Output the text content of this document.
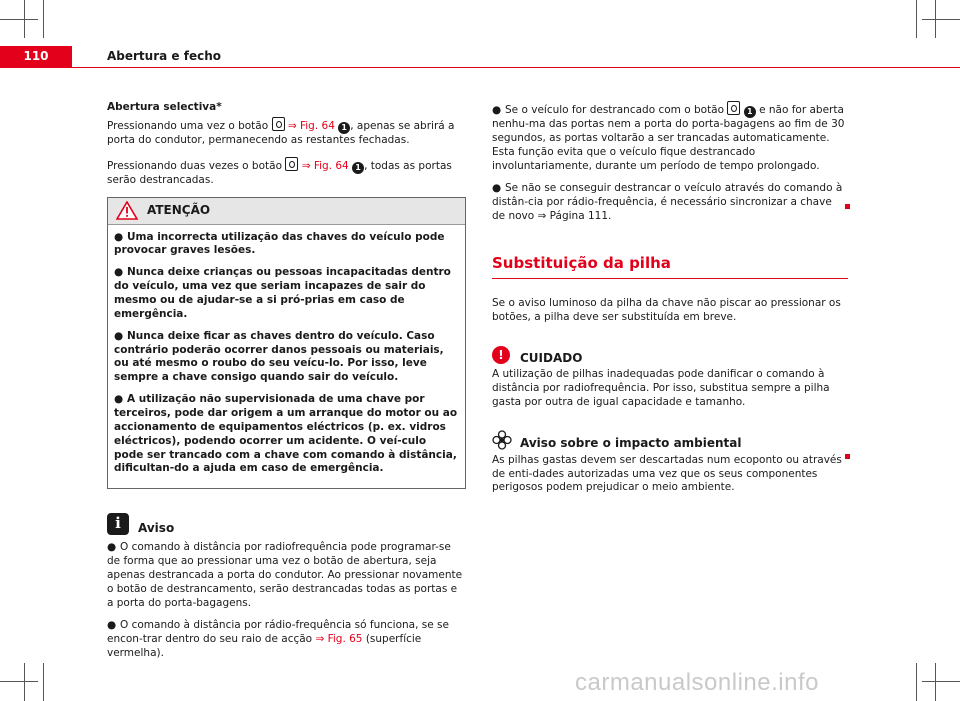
110	Abertura e fecho
Abertura selectiva*

Pressionando uma vez o botão ⇒ Fig. 64 1 , apenas se abrirá a porta do condutor, permanecendo as restantes fechadas.

Pressionando duas vezes o botão ⇒ Fig. 64 1 , todas as portas serão destrancadas.

ATENÇÃO

● Uma incorrecta utilização das chaves do veículo pode provocar graves lesões.

● Nunca deixe crianças ou pessoas incapacitadas dentro do veículo, uma vez que seriam incapazes de sair do mesmo ou de ajudar-se a si pró-prias em caso de emergência.

● Nunca deixe ficar as chaves dentro do veículo. Caso contrário poderão ocorrer danos pessoais ou materiais, ou até mesmo o roubo do seu veícu-lo. Por isso, leve sempre a chave consigo quando sair do veículo.

● A utilização não supervisionada de uma chave por terceiros, pode dar origem a um arranque do motor ou ao accionamento de equipamentos eléctricos (p. ex. vidros eléctricos), podendo ocorrer um acidente. O veí-culo pode ser trancado com a chave com comando à distância, dificultan-do a ajuda em caso de emergência.

i	Aviso

● O comando à distância por radiofrequência pode programar-se de forma que ao pressionar uma vez o botão de abertura, seja apenas destrancada a porta do condutor. Ao pressionar novamente o botão de destrancamento, serão destrancadas todas as portas e a porta do porta-bagagens.

● O comando à distância por rádio-frequência só funciona, se se encon-trar dentro do seu raio de acção ⇒ Fig. 65 (superfície vermelha).

● Se o veículo for destrancado com o botão	1 e não for aberta nenhu-ma das portas nem a porta do porta-bagagens ao fim de 30 segundos, as portas voltarão a ser trancadas automaticamente. Esta função evita que o veículo fique destrancado involuntariamente, durante um período de tempo prolongado.

● Se não se conseguir destrancar o veículo através do comando à distân-cia por rádio-frequência, é necessário sincronizar a chave de novo ⇒ Página 111.

Substituição da pilha

Se o aviso luminoso da pilha da chave não piscar ao pressionar os botões, a pilha deve ser substituída em breve.

!	CUIDADO

A utilização de pilhas inadequadas pode danificar o comando à distância por radiofrequência. Por isso, substitua sempre a pilha gasta por outra de igual capacidade e tamanho.

Aviso sobre o impacto ambiental

As pilhas gastas devem ser descartadas num ecoponto ou através de enti-dades autorizadas uma vez que os seus componentes perigosos podem prejudicar o meio ambiente.

carmanualsonline.info
